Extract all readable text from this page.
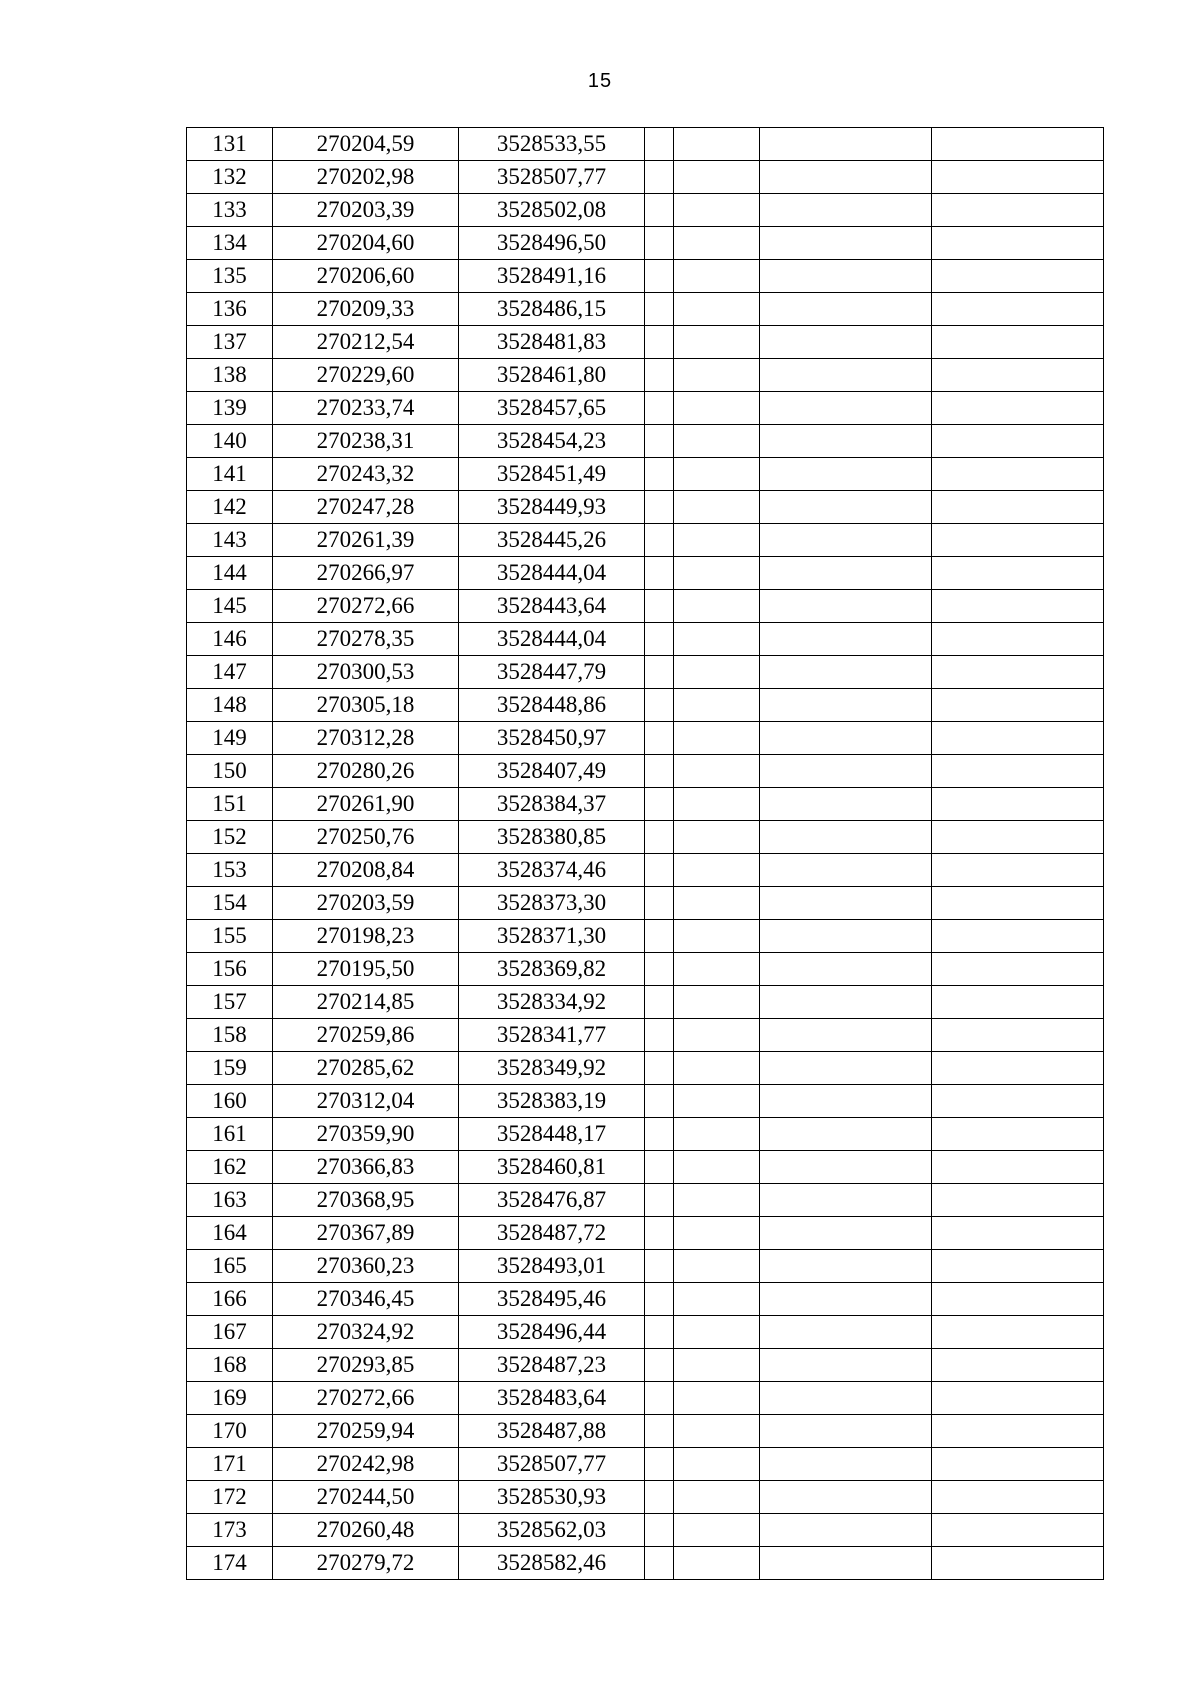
15
131	270204,59	3528533,55				
132	270202,98	3528507,77				
133	270203,39	3528502,08				
134	270204,60	3528496,50				
135	270206,60	3528491,16				
136	270209,33	3528486,15				
137	270212,54	3528481,83				
138	270229,60	3528461,80				
139	270233,74	3528457,65				
140	270238,31	3528454,23				
141	270243,32	3528451,49				
142	270247,28	3528449,93				
143	270261,39	3528445,26				
144	270266,97	3528444,04				
145	270272,66	3528443,64				
146	270278,35	3528444,04				
147	270300,53	3528447,79				
148	270305,18	3528448,86				
149	270312,28	3528450,97				
150	270280,26	3528407,49				
151	270261,90	3528384,37				
152	270250,76	3528380,85				
153	270208,84	3528374,46				
154	270203,59	3528373,30				
155	270198,23	3528371,30				
156	270195,50	3528369,82				
157	270214,85	3528334,92				
158	270259,86	3528341,77				
159	270285,62	3528349,92				
160	270312,04	3528383,19				
161	270359,90	3528448,17				
162	270366,83	3528460,81				
163	270368,95	3528476,87				
164	270367,89	3528487,72				
165	270360,23	3528493,01				
166	270346,45	3528495,46				
167	270324,92	3528496,44				
168	270293,85	3528487,23				
169	270272,66	3528483,64				
170	270259,94	3528487,88				
171	270242,98	3528507,77				
172	270244,50	3528530,93				
173	270260,48	3528562,03				
174	270279,72	3528582,46				
